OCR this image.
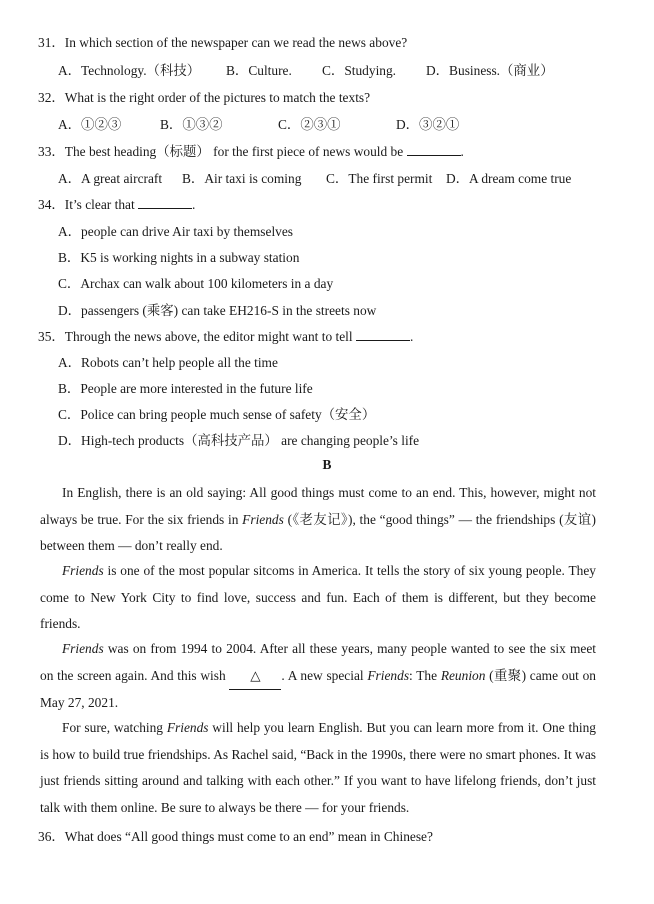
31．In which section of the newspaper can we read the news above?
A．Technology.（科技）	B．Culture.	C．Studying.	D．Business.（商业）
32．What is the right order of the pictures to match the texts?
A．①②③	B．①③②	C．②③①	D．③②①
33．The best heading（标题） for the first piece of news would be	.
A．A great aircraft	B．Air taxi is coming	C．The first permit	D．A dream come true
34．It’s clear that	.
A．people can drive Air taxi by themselves
B．K5 is working nights in a subway station
C．Archax can walk about 100 kilometers in a day
D．passengers (乘客) can take EH216-S in the streets now
35．Through the news above, the editor might want to tell	.
A．Robots can’t help people all the time
B．People are more interested in the future life
C．Police can bring people much sense of safety（安全）
D．High-tech products（高科技产品） are changing people’s life
B
In English, there is an old saying: All good things must come to an end. This, however, might not always be true. For the six friends in Friends (《老友记》), the “good things” — the friendships (友谊) between them — don’t really end.
Friends is one of the most popular sitcoms in America. It tells the story of six young people. They come to New York City to find love, success and fun. Each of them is different, but they become friends.
Friends was on from 1994 to 2004. After all these years, many people wanted to see the six meet on the screen again. And this wish △ . A new special Friends: The Reunion (重聚) came out on May 27, 2021.
For sure, watching Friends will help you learn English. But you can learn more from it. One thing is how to build true friendships. As Rachel said, “Back in the 1990s, there were no smart phones. It was just friends sitting around and talking with each other.” If you want to have lifelong friends, don’t just talk with them online. Be sure to always be there — for your friends.
36．What does “All good things must come to an end” mean in Chinese?
